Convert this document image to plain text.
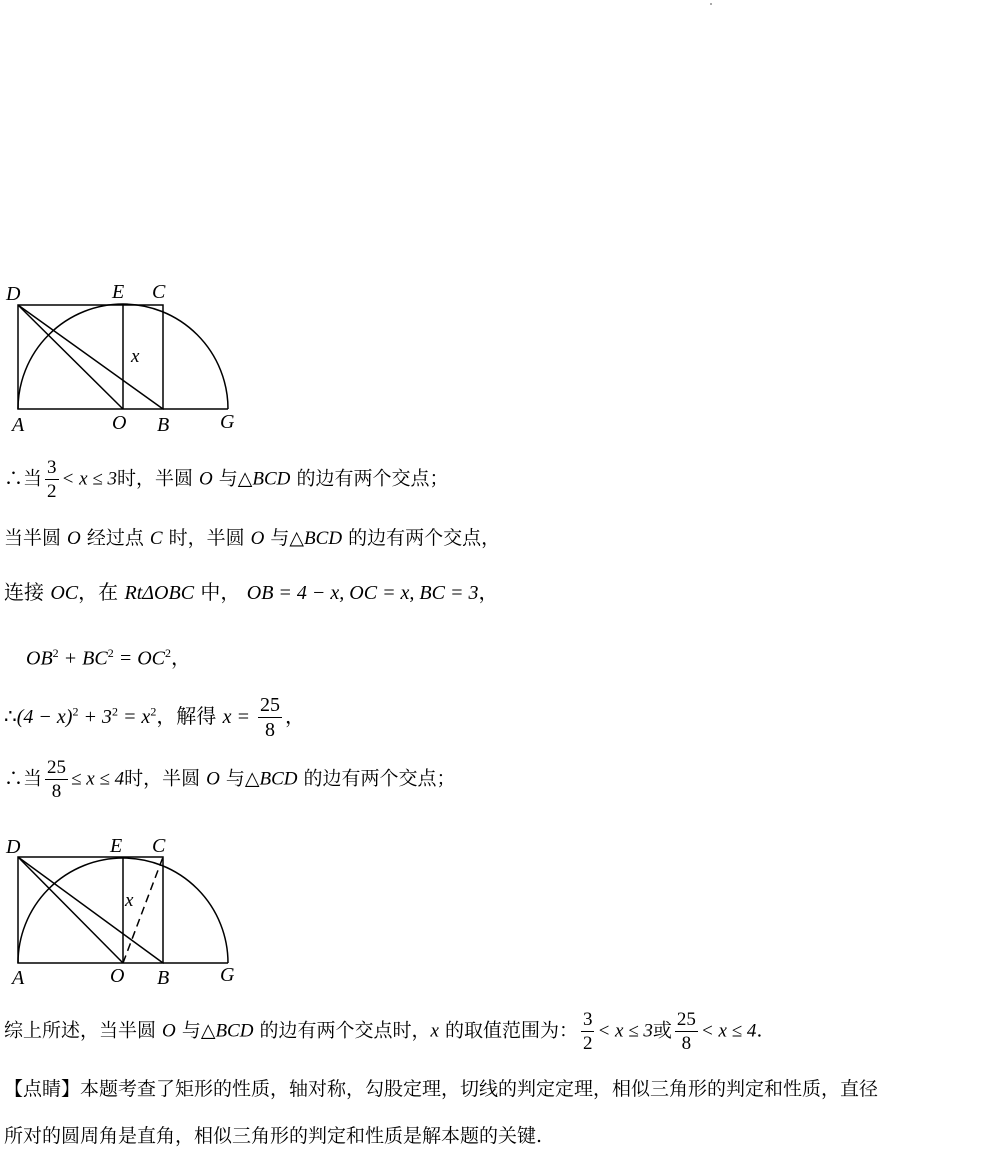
D	E C
x
A	O B	G
∴当 $\frac{3}{2} < x \le 3$时，半圆 O 与△BCD 的边有两个交点；
当半圆 O 经过点 C 时，半圆 O 与△BCD 的边有两个交点，
连接 OC，在 RtΔOBC 中， OB = 4 − x, OC = x, BC = 3，
$OB^2 + BC^2 = OC^2$，
∴(4 − $x)^2 + 3^2 = x^2$，解得 $x = \frac{25}{8}$ ，
∴当 $\frac{25}{8} \le x \le 4$时，半圆 O 与△BCD 的边有两个交点；
D	E C
x
A	O B	G
综上所述，当半圆 O 与△BCD 的边有两个交点时，x 的取值范围为： $\frac{3}{2} < x \le 3$或 $\frac{25}{8} < x \le 4$.
【点睛】本题考查了矩形的性质，轴对称，勾股定理，切线的判定定理，相似三角形的判定和性质，直径
所对的圆周角是直角，相似三角形的判定和性质是解本题的关键.
